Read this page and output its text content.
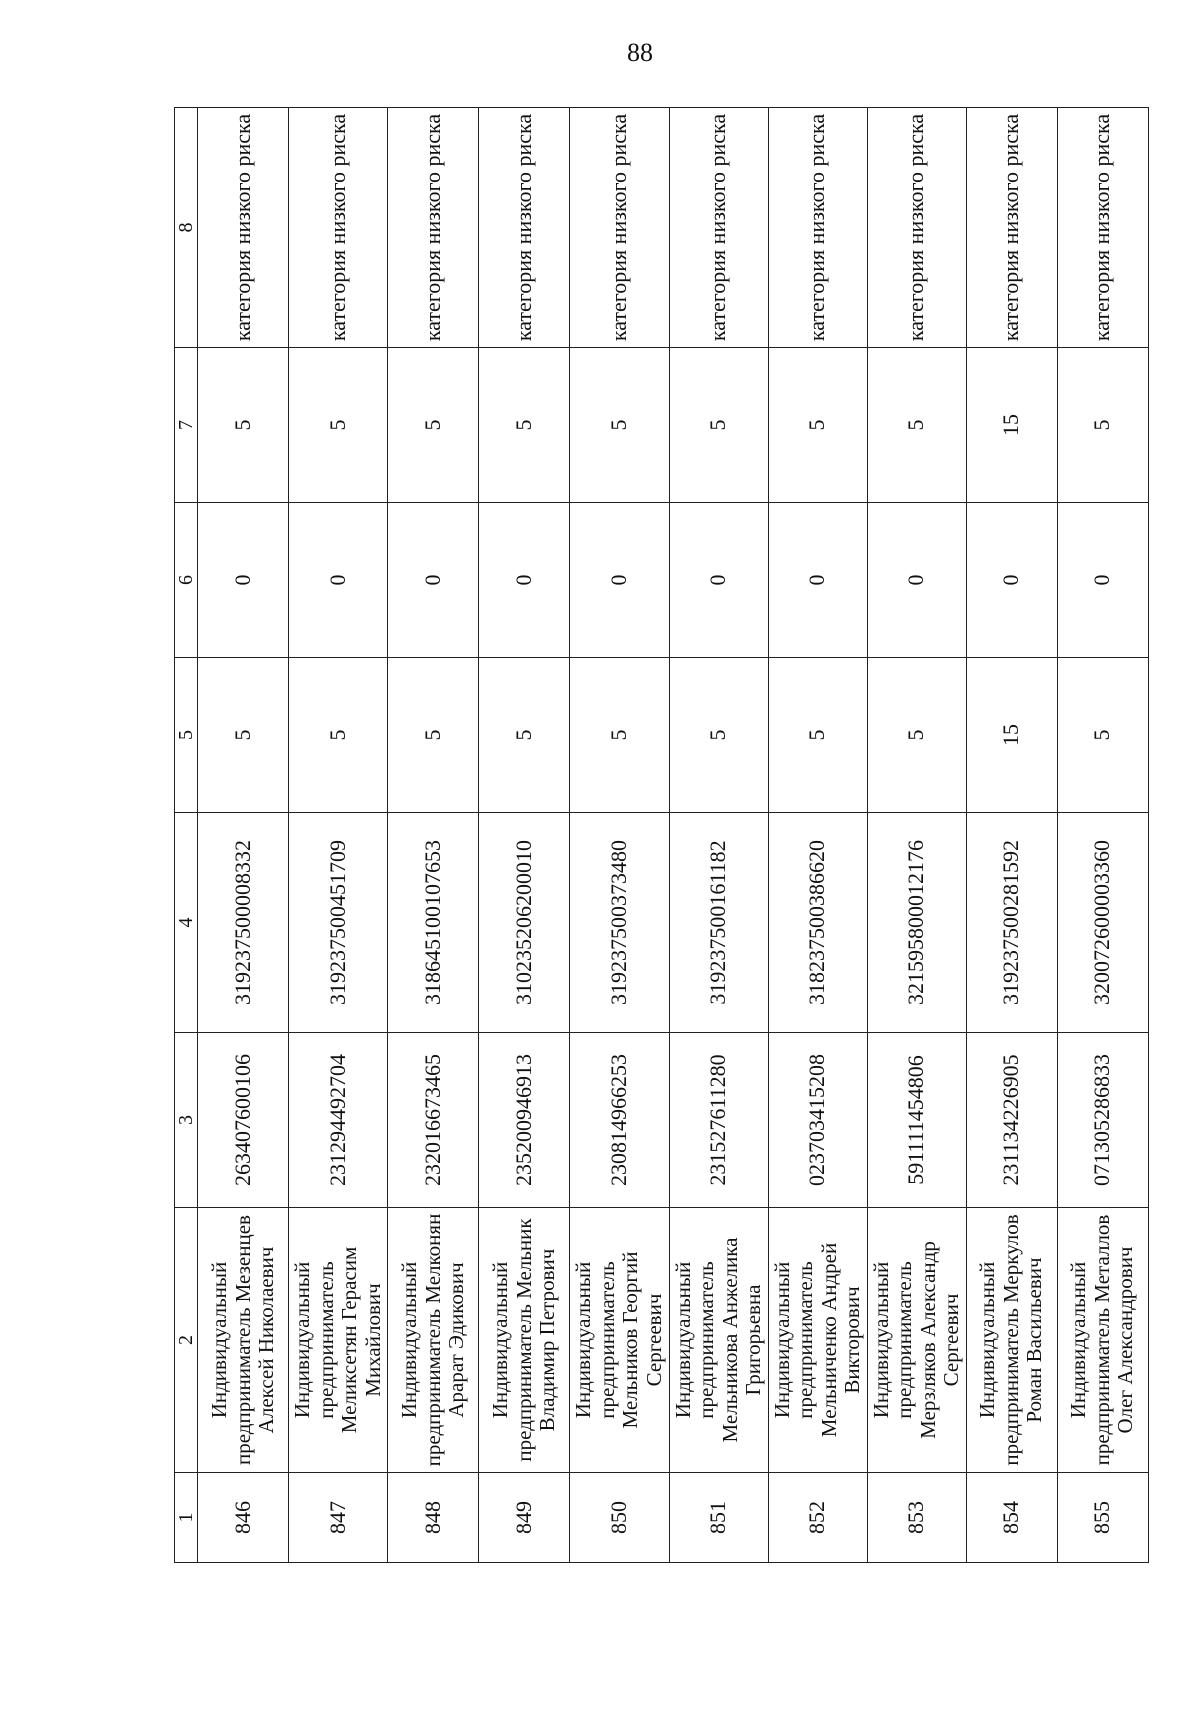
88
1	2	3	4	5	6	7	8
846	Индивидуальный предприниматель Мезенцев Алексей Николаевич	263407600106	319237500008332	5	0	5	категория низкого риска
847	Индивидуальный предприниматель Меликсетян Герасим Михайлович	231294492704	319237500451709	5	0	5	категория низкого риска
848	Индивидуальный предприниматель Мелконян Арарат Эдикович	232016673465	318645100107653	5	0	5	категория низкого риска
849	Индивидуальный предприниматель Мельник Владимир Петрович	235200946913	310235206200010	5	0	5	категория низкого риска
850	Индивидуальный предприниматель Мельников Георгий Сергеевич	230814966253	319237500373480	5	0	5	категория низкого риска
851	Индивидуальный предприниматель Мельникова Анжелика Григорьевна	231527611280	319237500161182	5	0	5	категория низкого риска
852	Индивидуальный предприниматель Мельниченко Андрей Викторович	023703415208	318237500386620	5	0	5	категория низкого риска
853	Индивидуальный предприниматель Мерзляков Александр Сергеевич	591111454806	321595800012176	5	0	5	категория низкого риска
854	Индивидуальный предприниматель Меркулов Роман Васильевич	231134226905	319237500281592	15	0	15	категория низкого риска
855	Индивидуальный предприниматель Металлов Олег Александрович	071305286833	320072600003360	5	0	5	категория низкого риска
